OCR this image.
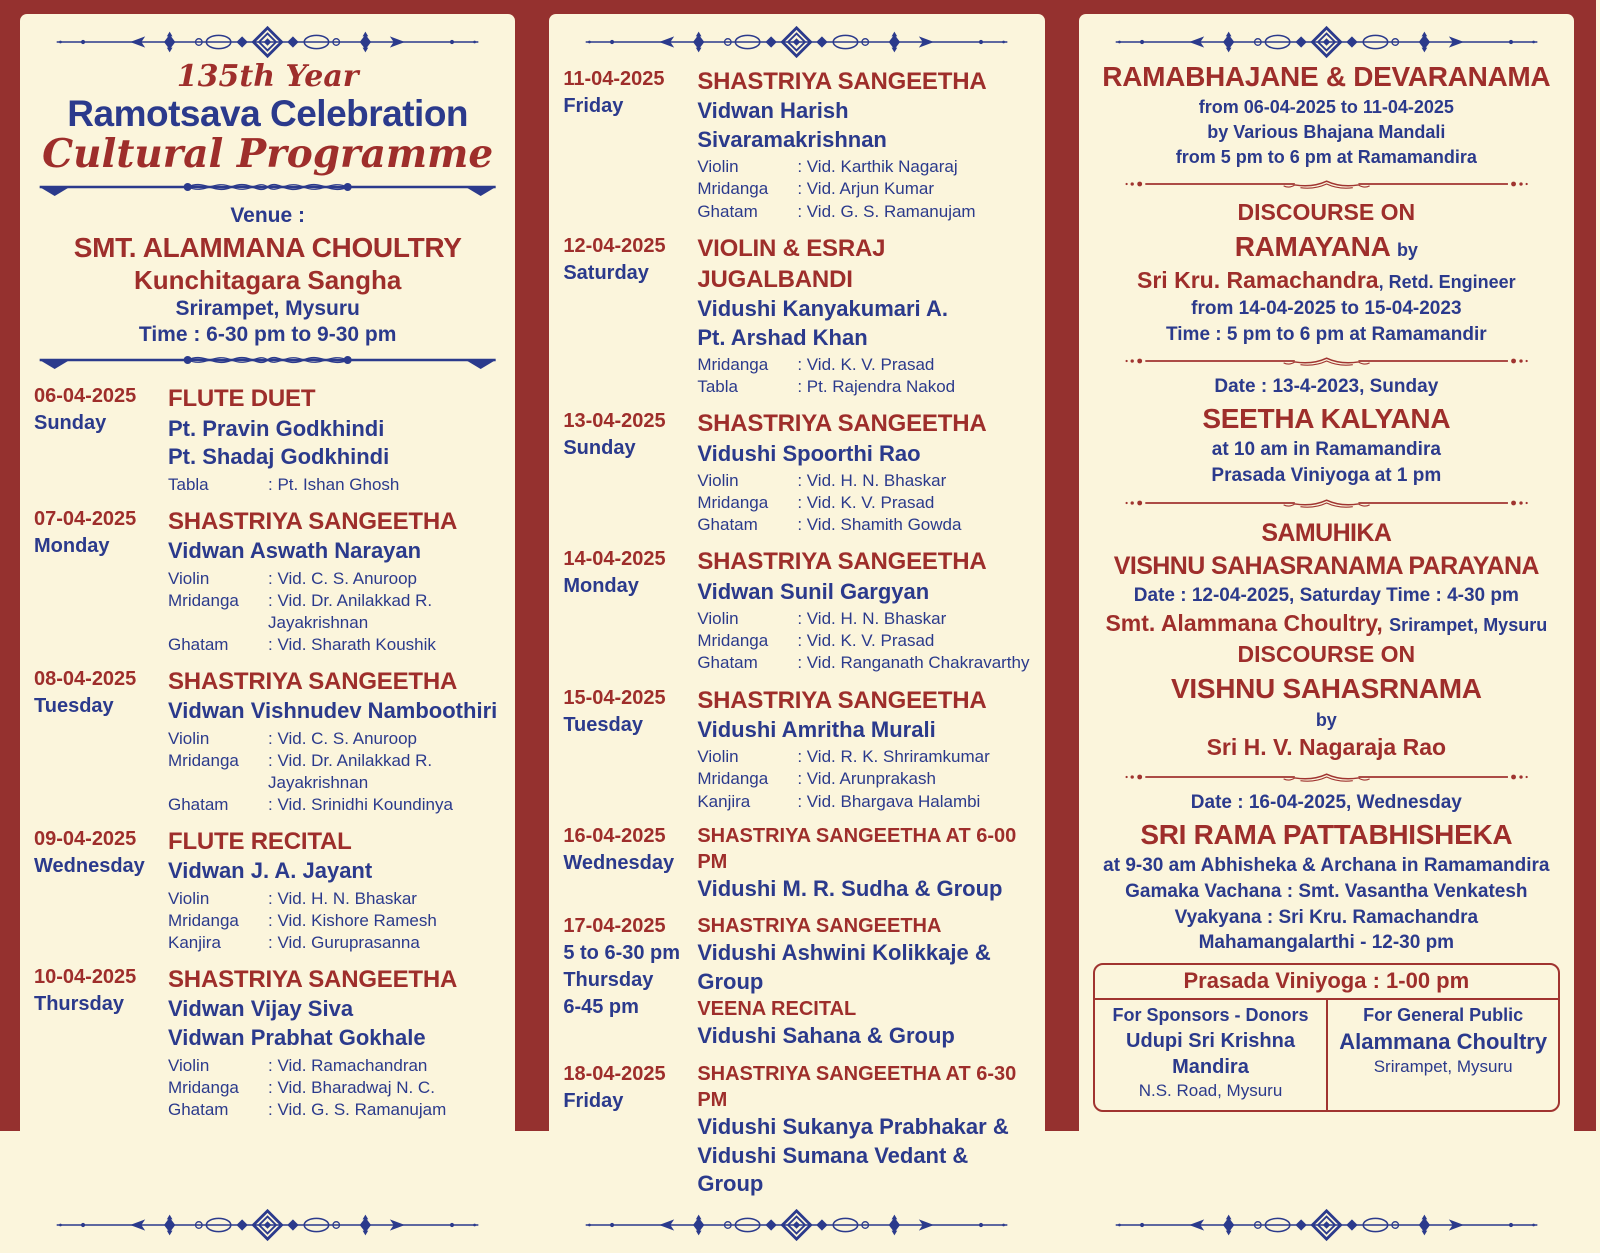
135th Year
Ramotsava Celebration
Cultural Programme
Venue :
SMT. ALAMMANA CHOULTRY
Kunchitagara Sangha
Srirampet, Mysuru
Time : 6-30 pm to 9-30 pm
06-04-2025
Sunday
FLUTE DUET
Pt. Pravin Godkhindi
Pt. Shadaj Godkhindi
Tabla	: Pt. Ishan Ghosh
07-04-2025
Monday
SHASTRIYA SANGEETHA
Vidwan Aswath Narayan
Violin	: Vid. C. S. Anuroop
Mridanga	: Vid. Dr. Anilakkad R. Jayakrishnan
Ghatam	: Vid. Sharath Koushik
08-04-2025
Tuesday
SHASTRIYA SANGEETHA
Vidwan Vishnudev Namboothiri
Violin	: Vid. C. S. Anuroop
Mridanga	: Vid. Dr. Anilakkad R. Jayakrishnan
Ghatam	: Vid. Srinidhi Koundinya
09-04-2025
Wednesday
FLUTE RECITAL
Vidwan J. A. Jayant
Violin	: Vid. H. N. Bhaskar
Mridanga	: Vid. Kishore Ramesh
Kanjira	: Vid. Guruprasanna
10-04-2025
Thursday
SHASTRIYA SANGEETHA
Vidwan Vijay Siva
Vidwan Prabhat Gokhale
Violin	: Vid. Ramachandran
Mridanga	: Vid. Bharadwaj N. C.
Ghatam	: Vid. G. S. Ramanujam
11-04-2025
Friday
SHASTRIYA SANGEETHA
Vidwan Harish Sivaramakrishnan
Violin	: Vid. Karthik Nagaraj
Mridanga	: Vid. Arjun Kumar
Ghatam	: Vid. G. S. Ramanujam
12-04-2025
Saturday
VIOLIN & ESRAJ JUGALBANDI
Vidushi Kanyakumari A.
Pt. Arshad Khan
Mridanga	: Vid. K. V. Prasad
Tabla	: Pt. Rajendra Nakod
13-04-2025
Sunday
SHASTRIYA SANGEETHA
Vidushi Spoorthi Rao
Violin	: Vid. H. N. Bhaskar
Mridanga	: Vid. K. V. Prasad
Ghatam	: Vid. Shamith Gowda
14-04-2025
Monday
SHASTRIYA SANGEETHA
Vidwan Sunil Gargyan
Violin	: Vid. H. N. Bhaskar
Mridanga	: Vid. K. V. Prasad
Ghatam	: Vid. Ranganath Chakravarthy
15-04-2025
Tuesday
SHASTRIYA SANGEETHA
Vidushi Amritha Murali
Violin	: Vid. R. K. Shriramkumar
Mridanga	: Vid. Arunprakash
Kanjira	: Vid. Bhargava Halambi
16-04-2025
Wednesday
SHASTRIYA SANGEETHA AT 6-00 PM
Vidushi M. R. Sudha & Group
17-04-2025
5 to 6-30 pm
Thursday
6-45 pm
SHASTRIYA SANGEETHA
Vidushi Ashwini Kolikkaje & Group
VEENA RECITAL
Vidushi Sahana & Group
18-04-2025
Friday
SHASTRIYA SANGEETHA AT 6-30 PM
Vidushi Sukanya Prabhakar &
Vidushi Sumana Vedant & Group
RAMABHAJANE & DEVARANAMA
from 06-04-2025 to 11-04-2025
by Various Bhajana Mandali
from 5 pm to 6 pm at Ramamandira
DISCOURSE ON
RAMAYANA by
Sri Kru. Ramachandra, Retd. Engineer
from 14-04-2025 to 15-04-2023
Time : 5 pm to 6 pm at Ramamandir
Date : 13-4-2023, Sunday
SEETHA KALYANA
at 10 am in Ramamandira
Prasada Viniyoga at 1 pm
SAMUHIKA
VISHNU SAHASRANAMA PARAYANA
Date : 12-04-2025, Saturday Time : 4-30 pm
Smt. Alammana Choultry, Srirampet, Mysuru
DISCOURSE ON
VISHNU SAHASRNAMA
by
Sri H. V. Nagaraja Rao
Date : 16-04-2025, Wednesday
SRI RAMA PATTABHISHEKA
at 9-30 am Abhisheka & Archana in Ramamandira
Gamaka Vachana : Smt. Vasantha Venkatesh
Vyakyana : Sri Kru. Ramachandra
Mahamangalarthi - 12-30 pm
Prasada Viniyoga : 1-00 pm
For Sponsors - Donors
Udupi Sri Krishna Mandira
N.S. Road, Mysuru
For General Public
Alammana Choultry
Srirampet, Mysuru
